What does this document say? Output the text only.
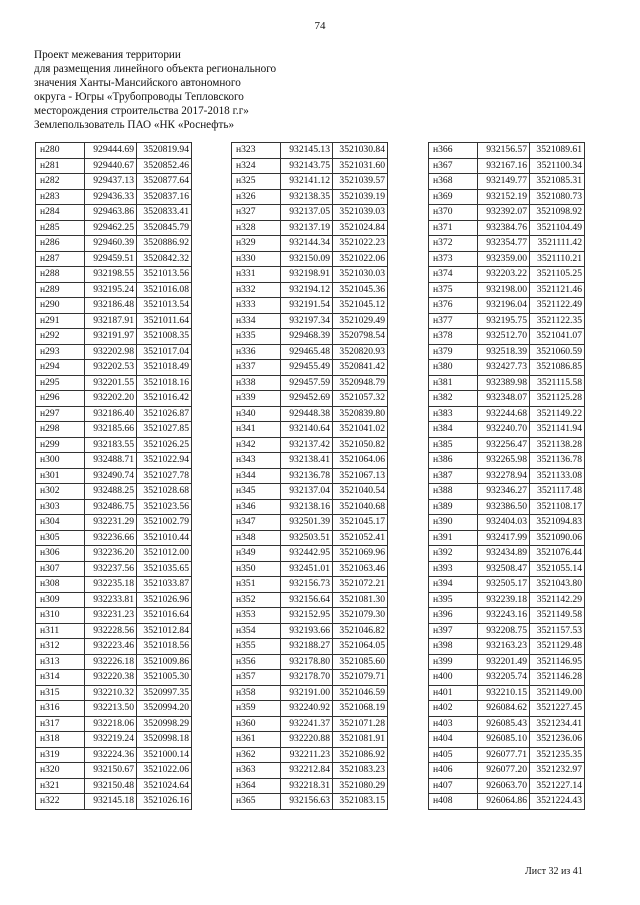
74
Проект межевания территории
для размещения линейного объекта регионального
значения Ханты-Мансийского автономного
округа - Югры «Трубопроводы Тепловского
месторождения строительства 2017-2018 г.г»
Землепользователь ПАО «НК «Роснефть»
н280	929444.69	3520819.94
н281	929440.67	3520852.46
н282	929437.13	3520877.64
н283	929436.33	3520837.16
н284	929463.86	3520833.41
н285	929462.25	3520845.79
н286	929460.39	3520886.92
н287	929459.51	3520842.32
н288	932198.55	3521013.56
н289	932195.24	3521016.08
н290	932186.48	3521013.54
н291	932187.91	3521011.64
н292	932191.97	3521008.35
н293	932202.98	3521017.04
н294	932202.53	3521018.49
н295	932201.55	3521018.16
н296	932202.20	3521016.42
н297	932186.40	3521026.87
н298	932185.66	3521027.85
н299	932183.55	3521026.25
н300	932488.71	3521022.94
н301	932490.74	3521027.78
н302	932488.25	3521028.68
н303	932486.75	3521023.56
н304	932231.29	3521002.79
н305	932236.66	3521010.44
н306	932236.20	3521012.00
н307	932237.56	3521035.65
н308	932235.18	3521033.87
н309	932233.81	3521026.96
н310	932231.23	3521016.64
н311	932228.56	3521012.84
н312	932223.46	3521018.56
н313	932226.18	3521009.86
н314	932220.38	3521005.30
н315	932210.32	3520997.35
н316	932213.50	3520994.20
н317	932218.06	3520998.29
н318	932219.24	3520998.18
н319	932224.36	3521000.14
н320	932150.67	3521022.06
н321	932150.48	3521024.64
н322	932145.18	3521026.16
н323	932145.13	3521030.84
н324	932143.75	3521031.60
н325	932141.12	3521039.57
н326	932138.35	3521039.19
н327	932137.05	3521039.03
н328	932137.19	3521024.84
н329	932144.34	3521022.23
н330	932150.09	3521022.06
н331	932198.91	3521030.03
н332	932194.12	3521045.36
н333	932191.54	3521045.12
н334	932197.34	3521029.49
н335	929468.39	3520798.54
н336	929465.48	3520820.93
н337	929455.49	3520841.42
н338	929457.59	3520948.79
н339	929452.69	3521057.32
н340	929448.38	3520839.80
н341	932140.64	3521041.02
н342	932137.42	3521050.82
н343	932138.41	3521064.06
н344	932136.78	3521067.13
н345	932137.04	3521040.54
н346	932138.16	3521040.68
н347	932501.39	3521045.17
н348	932503.51	3521052.41
н349	932442.95	3521069.96
н350	932451.01	3521063.46
н351	932156.73	3521072.21
н352	932156.64	3521081.30
н353	932152.95	3521079.30
н354	932193.66	3521046.82
н355	932188.27	3521064.05
н356	932178.80	3521085.60
н357	932178.70	3521079.71
н358	932191.00	3521046.59
н359	932240.92	3521068.19
н360	932241.37	3521071.28
н361	932220.88	3521081.91
н362	932211.23	3521086.92
н363	932212.84	3521083.23
н364	932218.31	3521080.29
н365	932156.63	3521083.15
н366	932156.57	3521089.61
н367	932167.16	3521100.34
н368	932149.77	3521085.31
н369	932152.19	3521080.73
н370	932392.07	3521098.92
н371	932384.76	3521104.49
н372	932354.77	3521111.42
н373	932359.00	3521110.21
н374	932203.22	3521105.25
н375	932198.00	3521121.46
н376	932196.04	3521122.49
н377	932195.75	3521122.35
н378	932512.70	3521041.07
н379	932518.39	3521060.59
н380	932427.73	3521086.85
н381	932389.98	3521115.58
н382	932348.07	3521125.28
н383	932244.68	3521149.22
н384	932240.70	3521141.94
н385	932256.47	3521138.28
н386	932265.98	3521136.78
н387	932278.94	3521133.08
н388	932346.27	3521117.48
н389	932386.50	3521108.17
н390	932404.03	3521094.83
н391	932417.99	3521090.06
н392	932434.89	3521076.44
н393	932508.47	3521055.14
н394	932505.17	3521043.80
н395	932239.18	3521142.29
н396	932243.16	3521149.58
н397	932208.75	3521157.53
н398	932163.23	3521129.48
н399	932201.49	3521146.95
н400	932205.74	3521146.28
н401	932210.15	3521149.00
н402	926084.62	3521227.45
н403	926085.43	3521234.41
н404	926085.10	3521236.06
н405	926077.71	3521235.35
н406	926077.20	3521232.97
н407	926063.70	3521227.14
н408	926064.86	3521224.43
Лист 32 из 41
